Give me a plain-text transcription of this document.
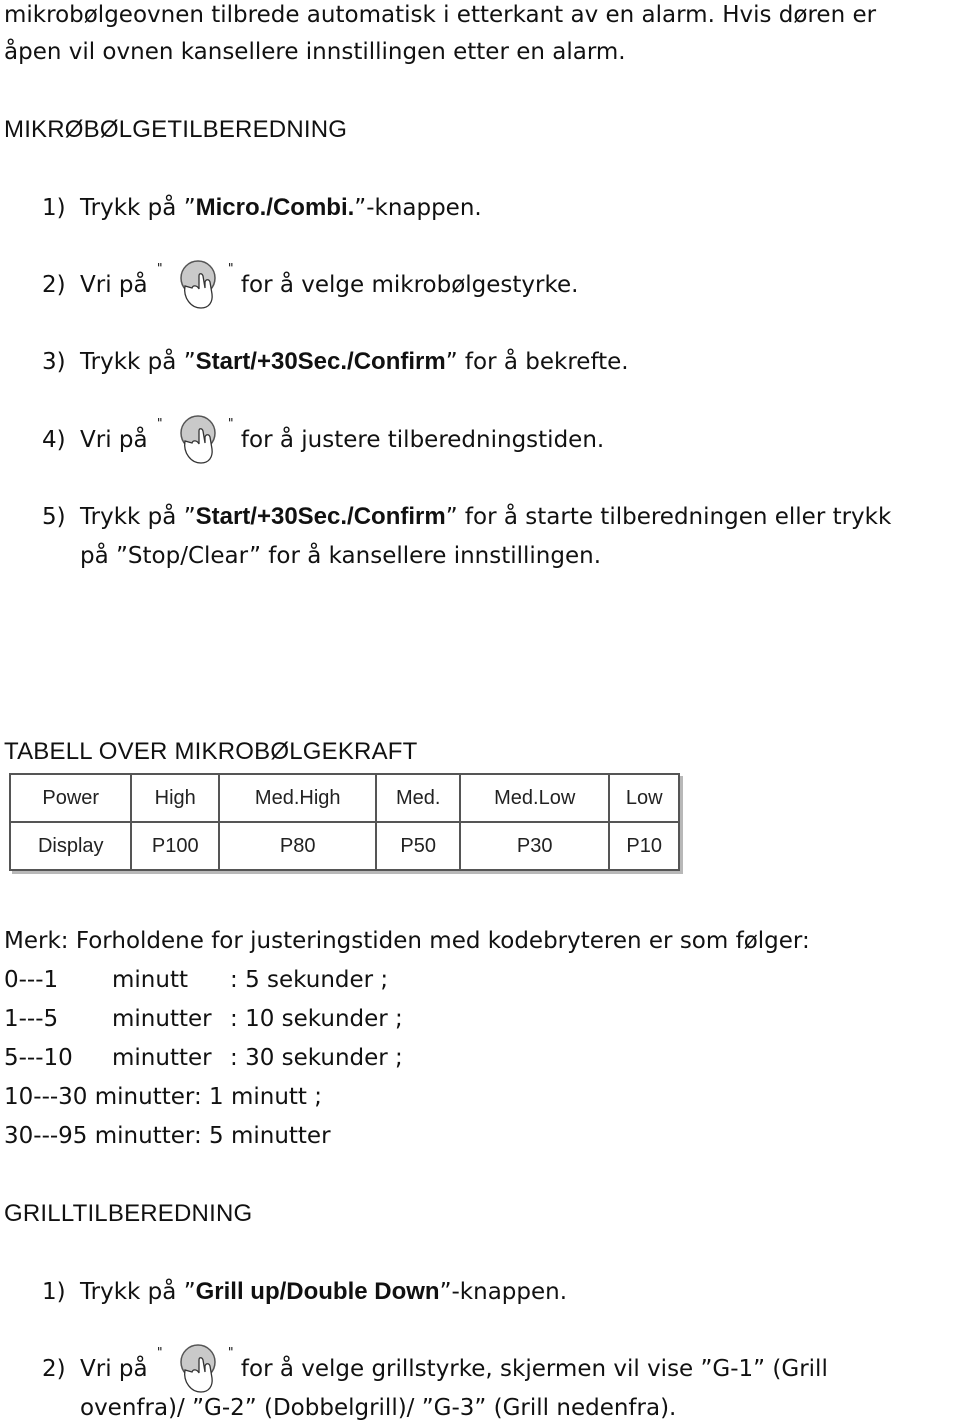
mikrobølgeovnen tilbrede automatisk i etterkant av en alarm. Hvis døren er
åpen vil ovnen kansellere innstillingen etter en alarm.
MIKRØBØLGETILBEREDNING
1) Trykk på ”Micro./Combi.”-knappen.
2) Vri på
"	"
for å velge mikrobølgestyrke.
3) Trykk på ”Start/+30Sec./Confirm” for å bekrefte.
4) Vri på
"	"
for å justere tilberedningstiden.
5) Trykk på ”Start/+30Sec./Confirm” for å starte tilberedningen eller trykk
på ”Stop/Clear” for å kansellere innstillingen.
TABELL OVER MIKROBØLGEKRAFT
Power	High	Med.High	Med.	Med.Low	Low
Display	P100	P80	P50	P30	P10
Merk: Forholdene for justeringstiden med kodebryteren er som følger:
0---1 minutt : 5 sekunder ;
1---5 minutter : 10 sekunder ;
5---10 minutter : 30 sekunder ;
10---30 minutter: 1 minutt ;
30---95 minutter: 5 minutter
GRILLTILBEREDNING
1) Trykk på ”Grill up/Double Down”-knappen.
2) Vri på
"	"
for å velge grillstyrke, skjermen vil vise ”G-1” (Grill
ovenfra)/ ”G-2” (Dobbelgrill)/ ”G-3” (Grill nedenfra).
